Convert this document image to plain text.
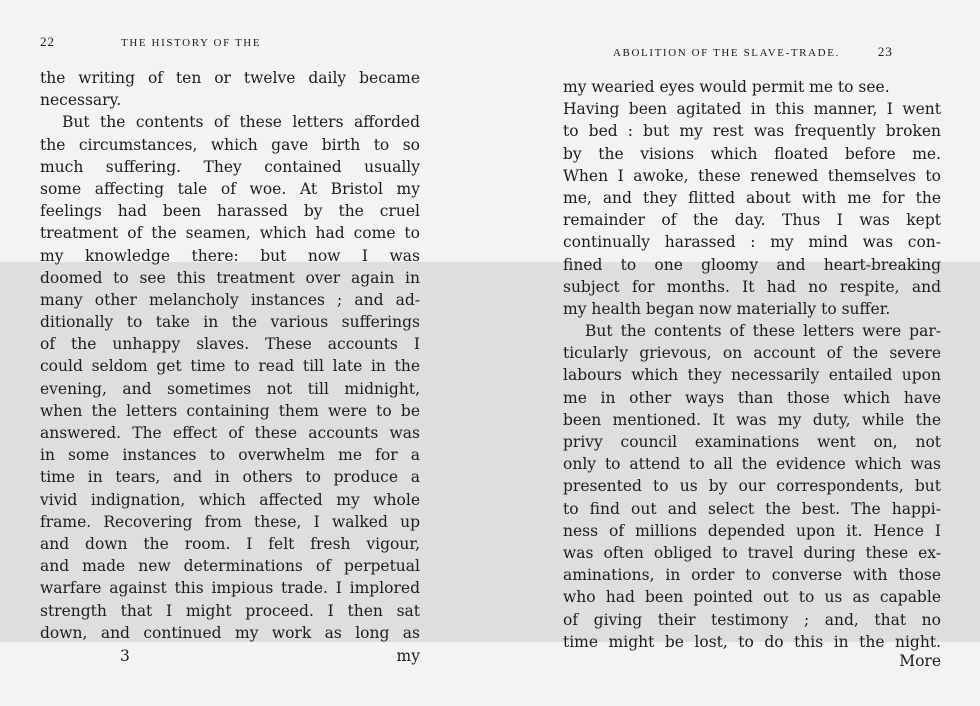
22	THE HISTORY OF THE
the writing of ten or twelve daily became
necessary.
But the contents of these letters afforded
the circumstances, which gave birth to so
much suffering. They contained usually
some affecting tale of woe. At Bristol my
feelings had been harassed by the cruel
treatment of the seamen, which had come to
my knowledge there: but now I was
doomed to see this treatment over again in
many other melancholy instances ; and ad-
ditionally to take in the various sufferings
of the unhappy slaves. These accounts I
could seldom get time to read till late in the
evening, and sometimes not till midnight,
when the letters containing them were to be
answered. The effect of these accounts was
in some instances to overwhelm me for a
time in tears, and in others to produce a
vivid indignation, which affected my whole
frame. Recovering from these, I walked up
and down the room. I felt fresh vigour,
and made new determinations of perpetual
warfare against this impious trade. I implored
strength that I might proceed. I then sat
down, and continued my work as long as
3	my
ABOLITION OF THE SLAVE-TRADE.	23
my wearied eyes would permit me to see.
Having been agitated in this manner, I went
to bed : but my rest was frequently broken
by the visions which floated before me.
When I awoke, these renewed themselves to
me, and they flitted about with me for the
remainder of the day. Thus I was kept
continually harassed : my mind was con-
fined to one gloomy and heart-breaking
subject for months. It had no respite, and
my health began now materially to suffer.
But the contents of these letters were par-
ticularly grievous, on account of the severe
labours which they necessarily entailed upon
me in other ways than those which have
been mentioned. It was my duty, while the
privy council examinations went on, not
only to attend to all the evidence which was
presented to us by our correspondents, but
to find out and select the best. The happi-
ness of millions depended upon it. Hence I
was often obliged to travel during these ex-
aminations, in order to converse with those
who had been pointed out to us as capable
of giving their testimony ; and, that no
time might be lost, to do this in the night.
More
